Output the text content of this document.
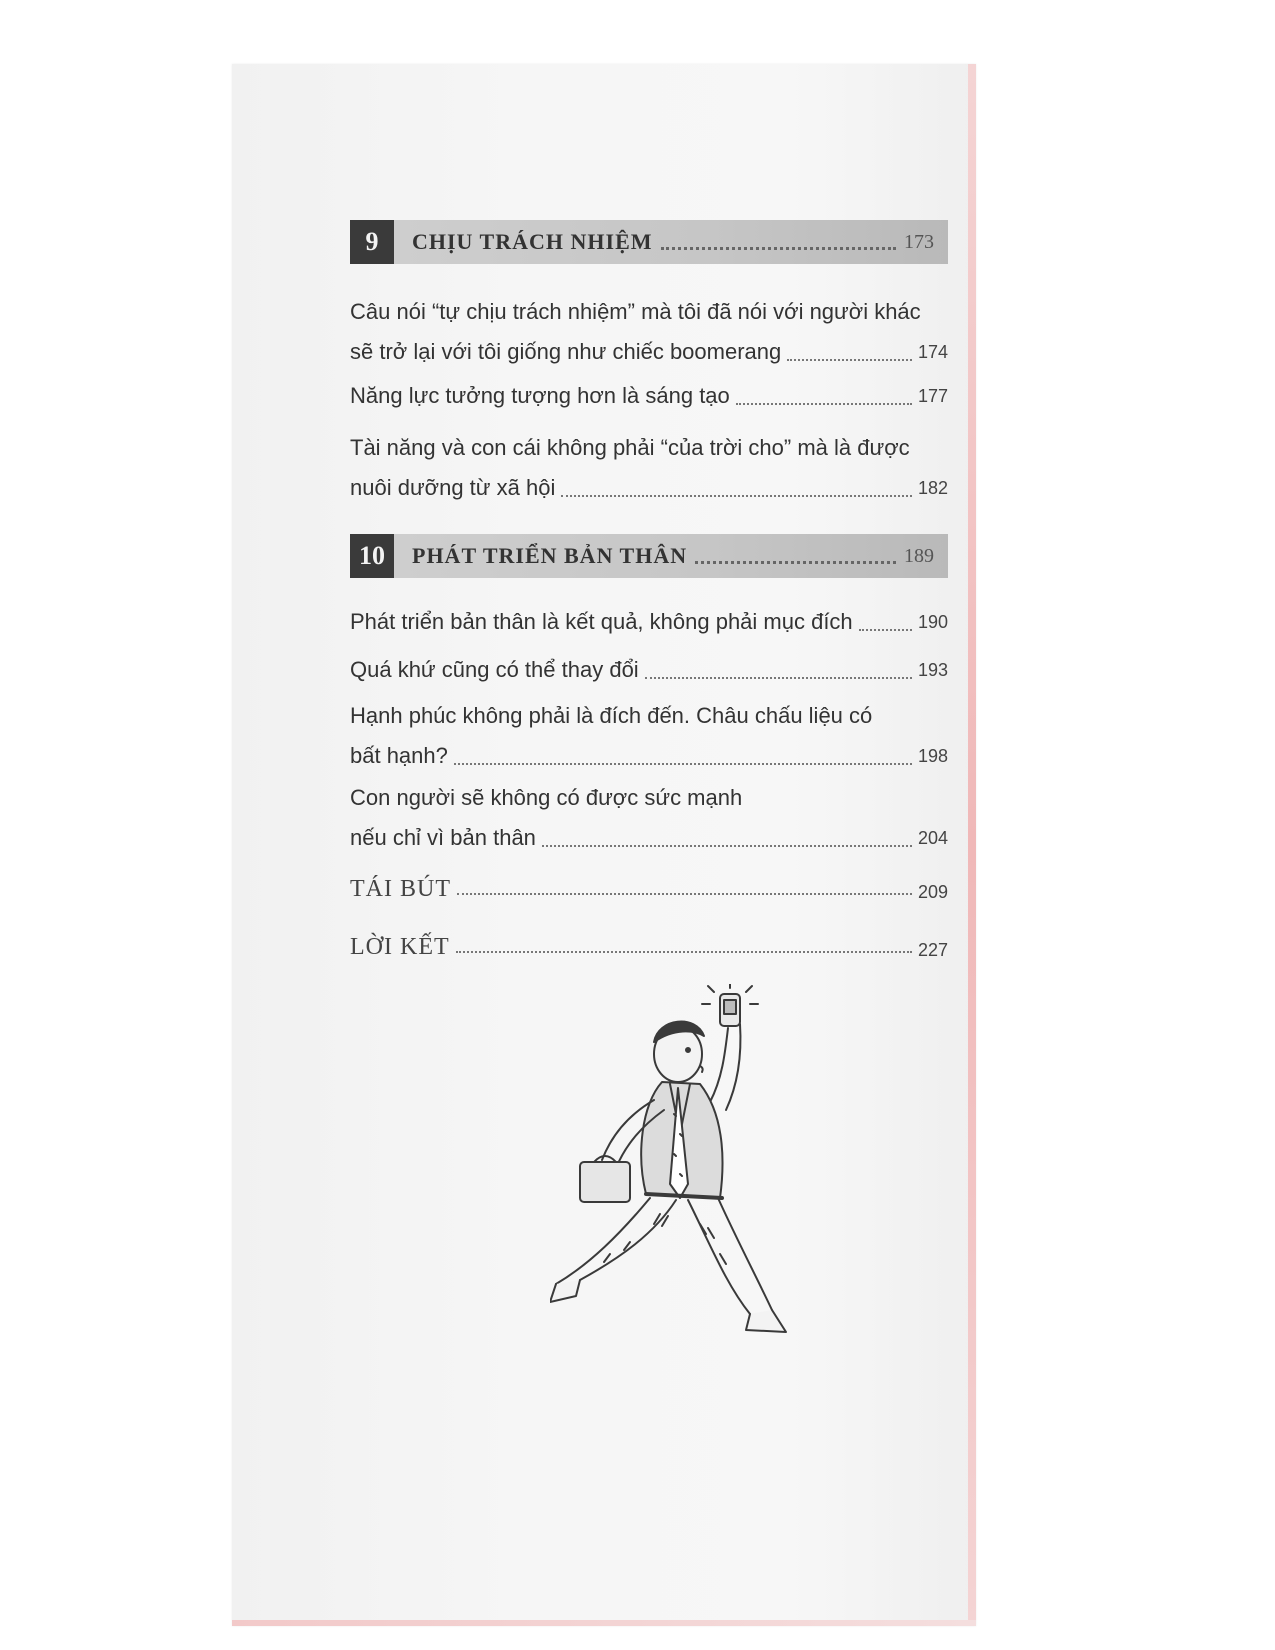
9	CHỊU TRÁCH NHIỆM	173
Câu nói “tự chịu trách nhiệm” mà tôi đã nói với người khác
sẽ trở lại với tôi giống như chiếc boomerang	174
Năng lực tưởng tượng hơn là sáng tạo	177
Tài năng và con cái không phải “của trời cho” mà là được
nuôi dưỡng từ xã hội	182
10	PHÁT TRIỂN BẢN THÂN	189
Phát triển bản thân là kết quả, không phải mục đích	190
Quá khứ cũng có thể thay đổi	193
Hạnh phúc không phải là đích đến. Châu chấu liệu có
bất hạnh?	198
Con người sẽ không có được sức mạnh
nếu chỉ vì bản thân	204
TÁI BÚT	209
LỜI KẾT	227
